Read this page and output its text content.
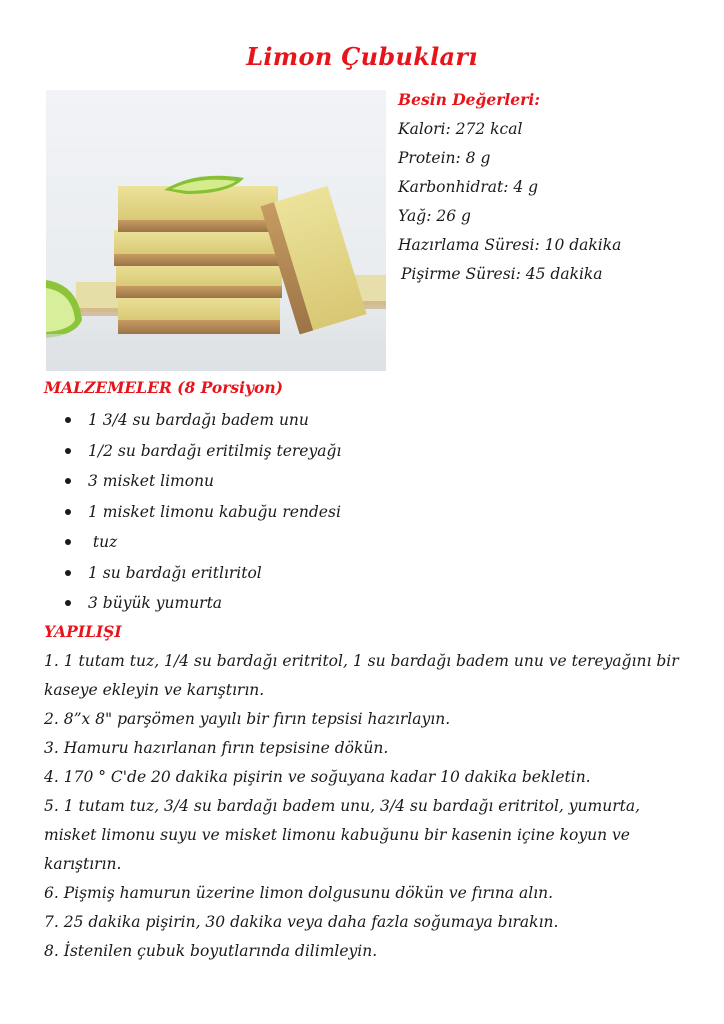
Limon Çubukları
Besin Değerleri:
Kalori: 272 kcal
Protein: 8 g
Karbonhidrat: 4 g
Yağ: 26 g
Hazırlama Süresi: 10 dakika
Pişirme Süresi: 45 dakika
MALZEMELER (8 Porsiyon)
1 3/4 su bardağı badem unu
1/2 su bardağı eritilmiş tereyağı
3 misket limonu
1 misket limonu kabuğu rendesi
tuz
1 su bardağı eritlıritol
3 büyük yumurta
YAPILIŞI
1. 1 tutam tuz, 1/4 su bardağı eritritol, 1 su bardağı badem unu ve tereyağını bir
kaseye ekleyin ve karıştırın.
2. 8”x 8" parşömen yayılı bir fırın tepsisi hazırlayın.
3. Hamuru hazırlanan fırın tepsisine dökün.
4. 170 ° C'de 20 dakika pişirin ve soğuyana kadar 10 dakika bekletin.
5. 1 tutam tuz, 3/4 su bardağı badem unu, 3/4 su bardağı eritritol, yumurta,
misket limonu suyu ve misket limonu kabuğunu bir kasenin içine koyun ve
karıştırın.
6. Pişmiş hamurun üzerine limon dolgusunu dökün ve fırına alın.
7. 25 dakika pişirin, 30 dakika veya daha fazla soğumaya bırakın.
8. İstenilen çubuk boyutlarında dilimleyin.
